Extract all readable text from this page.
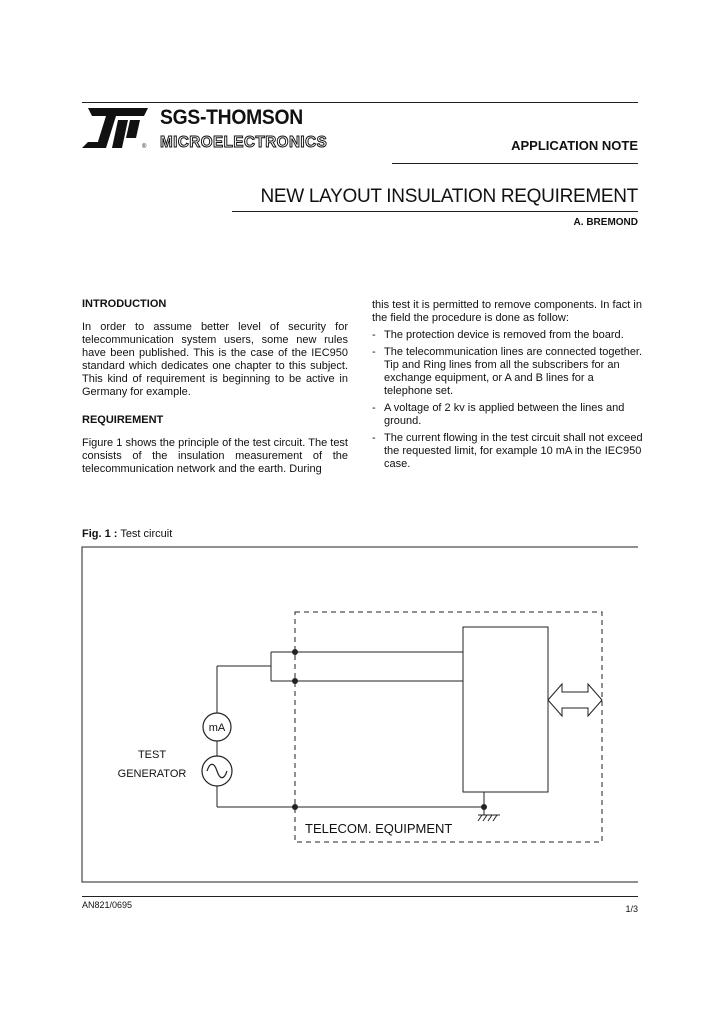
®
SGS-THOMSON
MICROELECTRONICS	APPLICATION NOTE
NEW LAYOUT INSULATION REQUIREMENT
A. BREMOND
INTRODUCTION
In order to assume better level of security for telecommunication system users, some new rules have been published. This is the case of the IEC950 standard which dedicates one chapter to this subject. This kind of requirement is beginning to be active in Germany for example.
REQUIREMENT
Figure 1 shows the principle of the test circuit. The test consists of the insulation measurement of the telecommunication network and the earth. During
this test it is permitted to remove components. In fact in the field the procedure is done as follow:
- The protection device is removed from the board.
- The telecommunication lines are connected together. Tip and Ring lines from all the subscribers for an exchange equipment, or A and B lines for a telephone set.
- A voltage of 2 kv is applied between the lines and ground.
- The current flowing in the test circuit shall not exceed the requested limit, for example 10 mA in the IEC950 case.
Fig. 1 : Test circuit
mA
TEST
GENERATOR
TELECOM. EQUIPMENT
AN821/0695	1/3
